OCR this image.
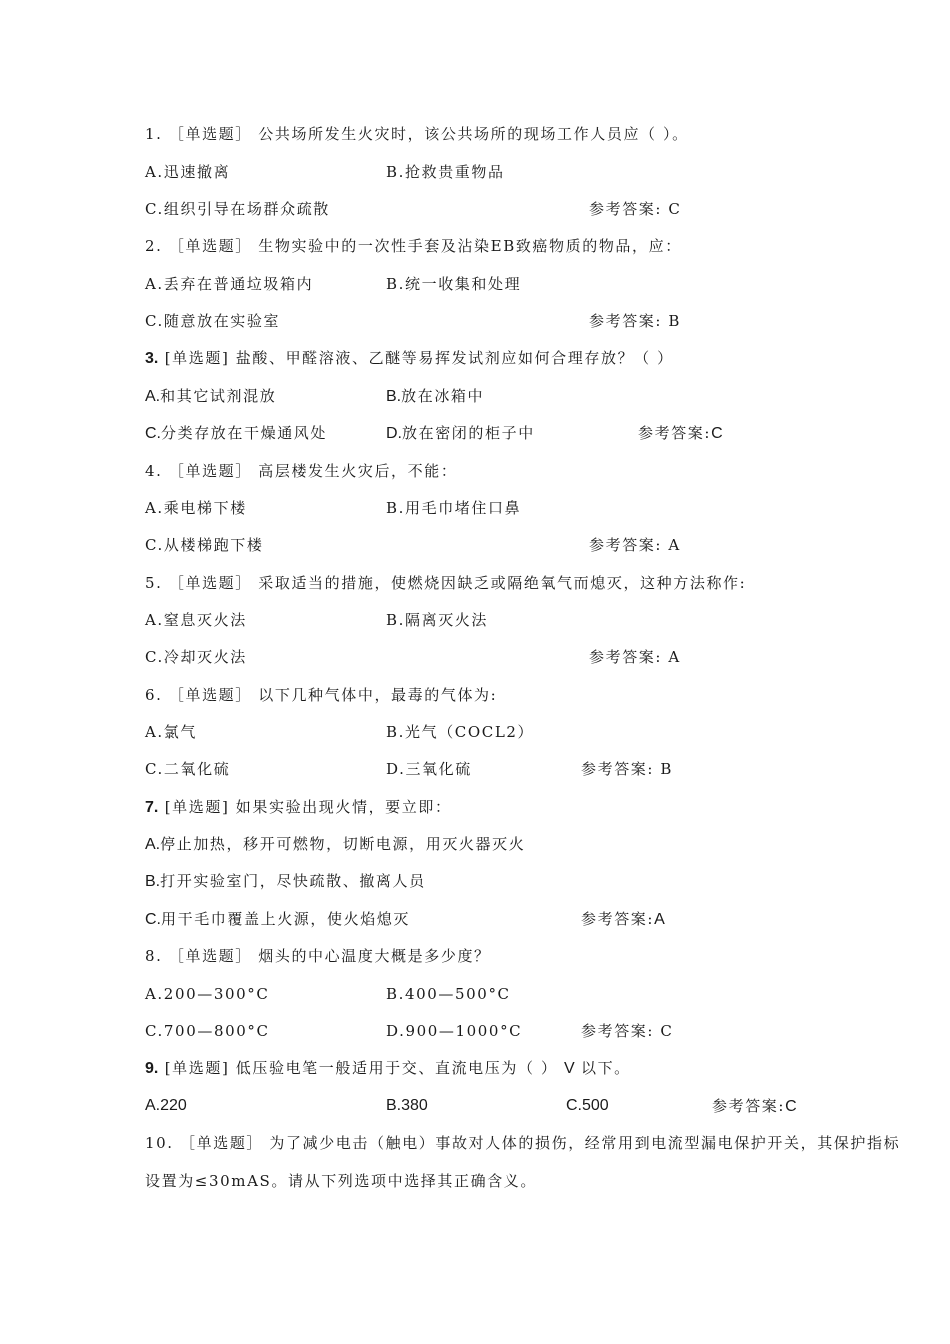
1. ［单选题］ 公共场所发生火灾时，该公共场所的现场工作人员应（ ）。
A.迅速撤离	B.抢救贵重物品
C.组织引导在场群众疏散	参考答案: C
2. ［单选题］ 生物实验中的一次性手套及沾染EB致癌物质的物品，应：
A.丢弃在普通垃圾箱内	B.统一收集和处理
C.随意放在实验室	参考答案: B
3. [单选题] 盐酸、甲醛溶液、乙醚等易挥发试剂应如何合理存放？（ ）
A.和其它试剂混放	B.放在冰箱中
C.分类存放在干燥通风处	D.放在密闭的柜子中	参考答案:C
4. ［单选题］ 高层楼发生火灾后，不能：
A.乘电梯下楼	B.用毛巾堵住口鼻
C.从楼梯跑下楼	参考答案: A
5. ［单选题］ 采取适当的措施，使燃烧因缺乏或隔绝氧气而熄灭，这种方法称作:
A.窒息灭火法	B.隔离灭火法
C.冷却灭火法	参考答案: A
6. ［单选题］ 以下几种气体中，最毒的气体为:
A.氯气	B.光气（COCL2）
C.二氧化硫	D.三氧化硫	参考答案: B
7. [单选题] 如果实验出现火情，要立即：
A.停止加热，移开可燃物，切断电源，用灭火器灭火
B.打开实验室门，尽快疏散、撤离人员
C.用干毛巾覆盖上火源，使火焰熄灭	参考答案:A
8. ［单选题］ 烟头的中心温度大概是多少度？
A.200—300°C	B.400—500°C
C.700—800°C	D.900—1000°C	参考答案: C
9. [单选题] 低压验电笔一般适用于交、直流电压为（ ） V 以下。
A.220	B.380	C.500	参考答案:C
10. ［单选题］ 为了减少电击（触电）事故对人体的损伤，经常用到电流型漏电保护开关，其保护指标设置为≤30mAS。请从下列选项中选择其正确含义。
